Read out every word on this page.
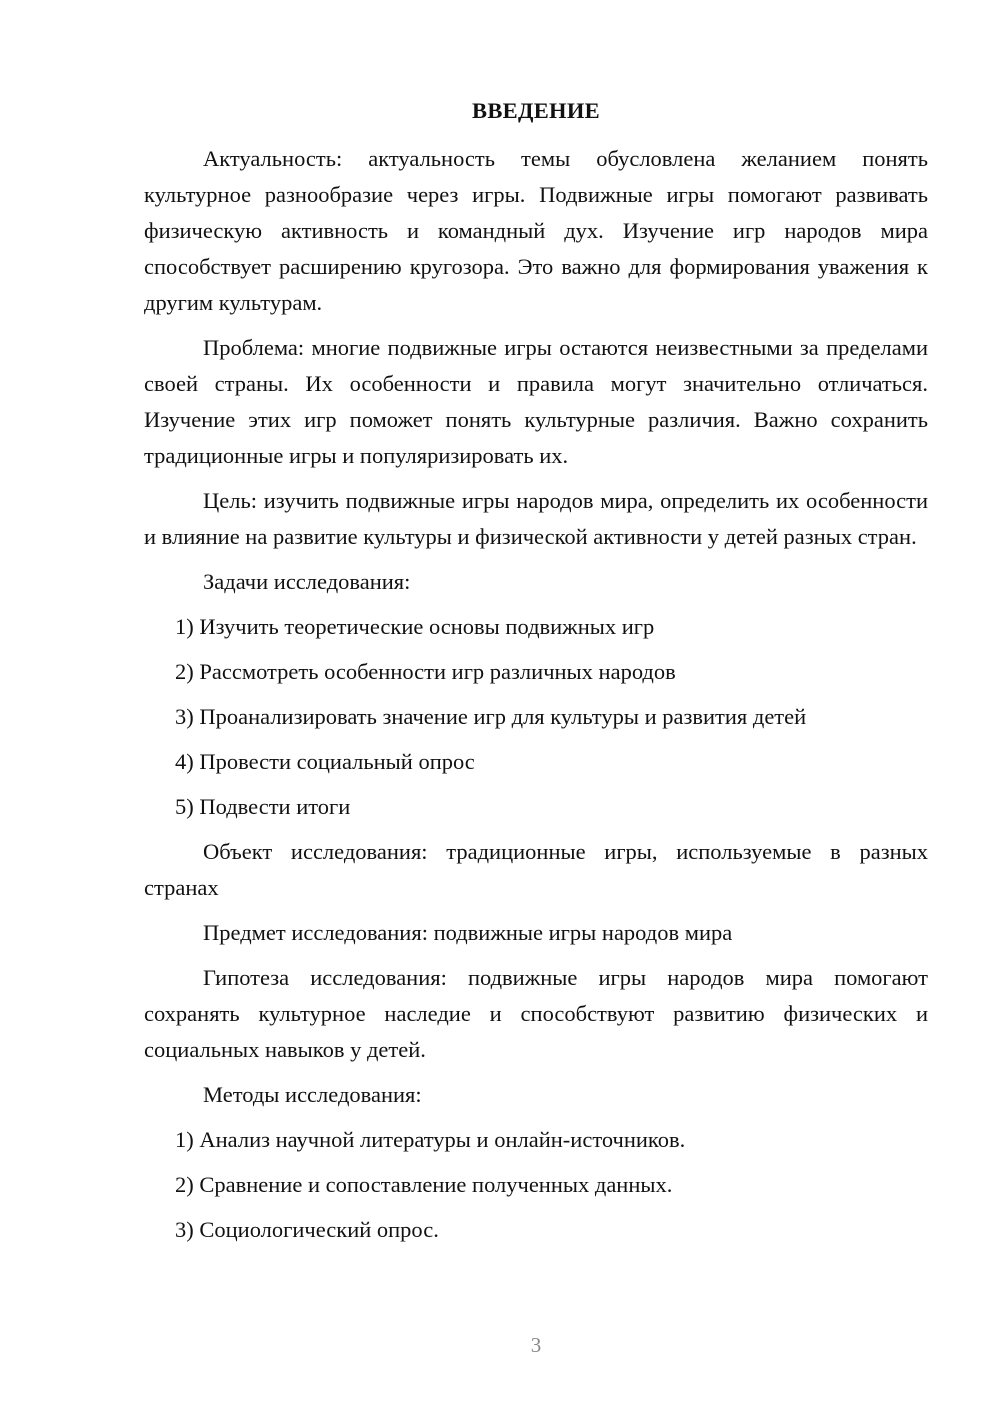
ВВЕДЕНИЕ

Актуальность: актуальность темы обусловлена желанием понять культурное разнообразие через игры. Подвижные игры помогают развивать физическую активность и командный дух. Изучение игр народов мира способствует расширению кругозора. Это важно для формирования уважения к другим культурам.

Проблема: многие подвижные игры остаются неизвестными за пределами своей страны. Их особенности и правила могут значительно отличаться. Изучение этих игр поможет понять культурные различия. Важно сохранить традиционные игры и популяризировать их.

Цель: изучить подвижные игры народов мира, определить их особенности и влияние на развитие культуры и физической активности у детей разных стран.

Задачи исследования:

1) Изучить теоретические основы подвижных игр
2) Рассмотреть особенности игр различных народов
3) Проанализировать значение игр для культуры и развития детей
4) Провести социальный опрос
5) Подвести итоги

Объект исследования: традиционные игры, используемые в разных странах

Предмет исследования: подвижные игры народов мира

Гипотеза исследования: подвижные игры народов мира помогают сохранять культурное наследие и способствуют развитию физических и социальных навыков у детей.

Методы исследования:

1) Анализ научной литературы и онлайн-источников.
2) Сравнение и сопоставление полученных данных.
3) Социологический опрос.
3
